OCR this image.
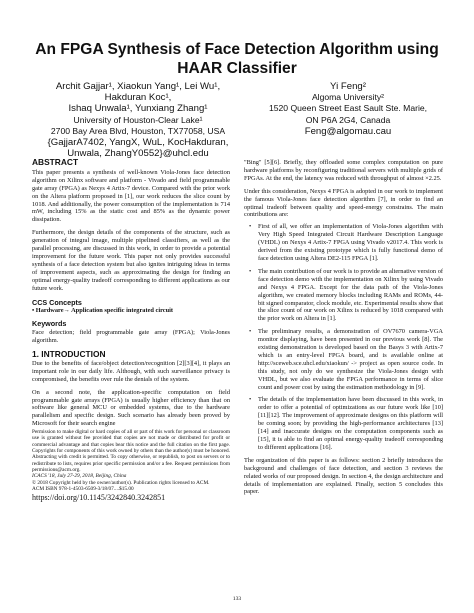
An FPGA Synthesis of Face Detection Algorithm using
HAAR Classifier
Archit Gajjar¹, Xiaokun Yang¹, Lei Wu¹,
Hakduran Koc¹,
Ishaq Unwala¹, Yunxiang Zhang¹
University of Houston-Clear Lake¹
2700 Bay Area Blvd, Houston, TX77058, USA
{GajjarA7402, YangX, WuL, KocHakduran,
Unwala, ZhangY0552}@uhcl.edu
Yi Feng²
Algoma University²
1520 Queen Street East Sault Ste. Marie,
ON P6A 2G4, Canada
Feng@algomau.cau
ABSTRACT

This paper presents a synthesis of well-known Viola-Jones face detection algorithm on Xilinx software and platform - Vivado and field programmable gate array (FPGA) as Nexys 4 Artix-7 device. Compared with the prior work on the Altera platform proposed in [1], our work reduces the slice count by 1018. And additionally, the power consumption of the implementation is 714 mW, including 15% as the static cost and 85% as the dynamic power dissipation.

Furthermore, the design details of the components of the structure, such as generation of integral image, multiple pipelined classifiers, as well as the parallel processing, are discussed in this work, in order to provide a potential improvement for the future work. This paper not only provides successful synthesis of a face detection system but also ignites intriguing ideas in terms of improvement aspects, such as approximating the design for finding an optimal energy-quality tradeoff corresponding to different applications as our future work.

CCS Concepts

• Hardware→ Application specific integrated circuit

Keywords

Face detection; field programmable gate array (FPGA); Viola-Jones algorithm.

1. INTRODUCTION

Due to the benefits of face/object detection/recognition [2][3][4], it plays an important role in our daily life. Although, with such surveillance privacy is compromised, the benefits over rule the denials of the system.

On a second note, the application-specific computation on field programmable gate arrays (FPGA) is usually higher efficiency than that on software like general MCU or embedded systems, due to the hardware parallelism and specific design. Such scenario has already been proved by Microsoft for their search engine

Permission to make digital or hard copies of all or part of this work for personal or classroom use is granted without fee provided that copies are not made or distributed for profit or commercial advantage and that copies bear this notice and the full citation on the first page. Copyrights for components of this work owned by others than the author(s) must be honored. Abstracting with credit is permitted. To copy otherwise, or republish, to post on servers or to redistribute to lists, requires prior specific permission and/or a fee. Request permissions from permissions@acm.org.

ICACS '18, July 27-29, 2018, Beijing, China

© 2018 Copyright held by the owner/author(s). Publication rights licensed to ACM.

ACM ISBN 978-1-4503-6509-3/18/07....$15.00

https://doi.org/10.1145/3242840.3242851

"Bing" [5][6]. Briefly, they offloaded some complex computation on pure hardware platforms by reconfiguring traditional servers with multiple grids of FPGAs. At the end, the latency was reduced with throughput of almost ×2.25.

Under this consideration, Nexys 4 FPGA is adopted in our work to implement the famous Viola-Jones face detection algorithm [7], in order to find an optimal tradeoff between quality and speed-energy constrains. The main contributions are:

• First of all, we offer an implementation of Viola-Jones algorithm with Very High Speed Integrated Circuit Hardware Description Language (VHDL) on Nexys 4 Artix-7 FPGA using Vivado v2017.4. This work is derived from the existing prototype which is fully functional demo of face detection using Altera DE2-115 FPGA [1].

• The main contribution of our work is to provide an alternative version of face detection demo with the implementation on Xilinx by using Vivado and Nexys 4 FPGA. Except for the data path of the Viola-Jones algorithm, we created memory blocks including RAMs and ROMs, 44-bit signed comparator, clock module, etc. Experimental results show that the slice count of our work on Xilinx is reduced by 1018 compared with the prior work on Altera in [1].

• The preliminary results, a demonstration of OV7670 camera-VGA monitor displaying, have been presented in our previous work [8]. The existing demonstration is developed based on the Basys 3 with Artix-7 which is an entry-level FPGA board, and is available online at http://sceweb.sce.uhcl.edu/xiaokun/ -> project as open source code. In this study, not only do we synthesize the Viola-Jones design with VHDL, but we also evaluate the FPGA performance in terms of slice count and power cost by using the estimation methodology in [9].

• The details of the implementation have been discussed in this work, in order to offer a potential of optimizations as our future work like [10][11][12]. The improvement of approximate designs on this platform will be coming soon; by providing the high-performance architectures [13][14] and inaccurate designs on the computation components such as [15], it is able to find an optimal energy-quality tradeoff corresponding to different applications [16].

The organization of this paper is as follows: section 2 briefly introduces the background and challenges of face detection, and section 3 reviews the related works of our proposed design. In section 4, the design architecture and details of implementation are explained. Finally, section 5 concludes this paper.

133
